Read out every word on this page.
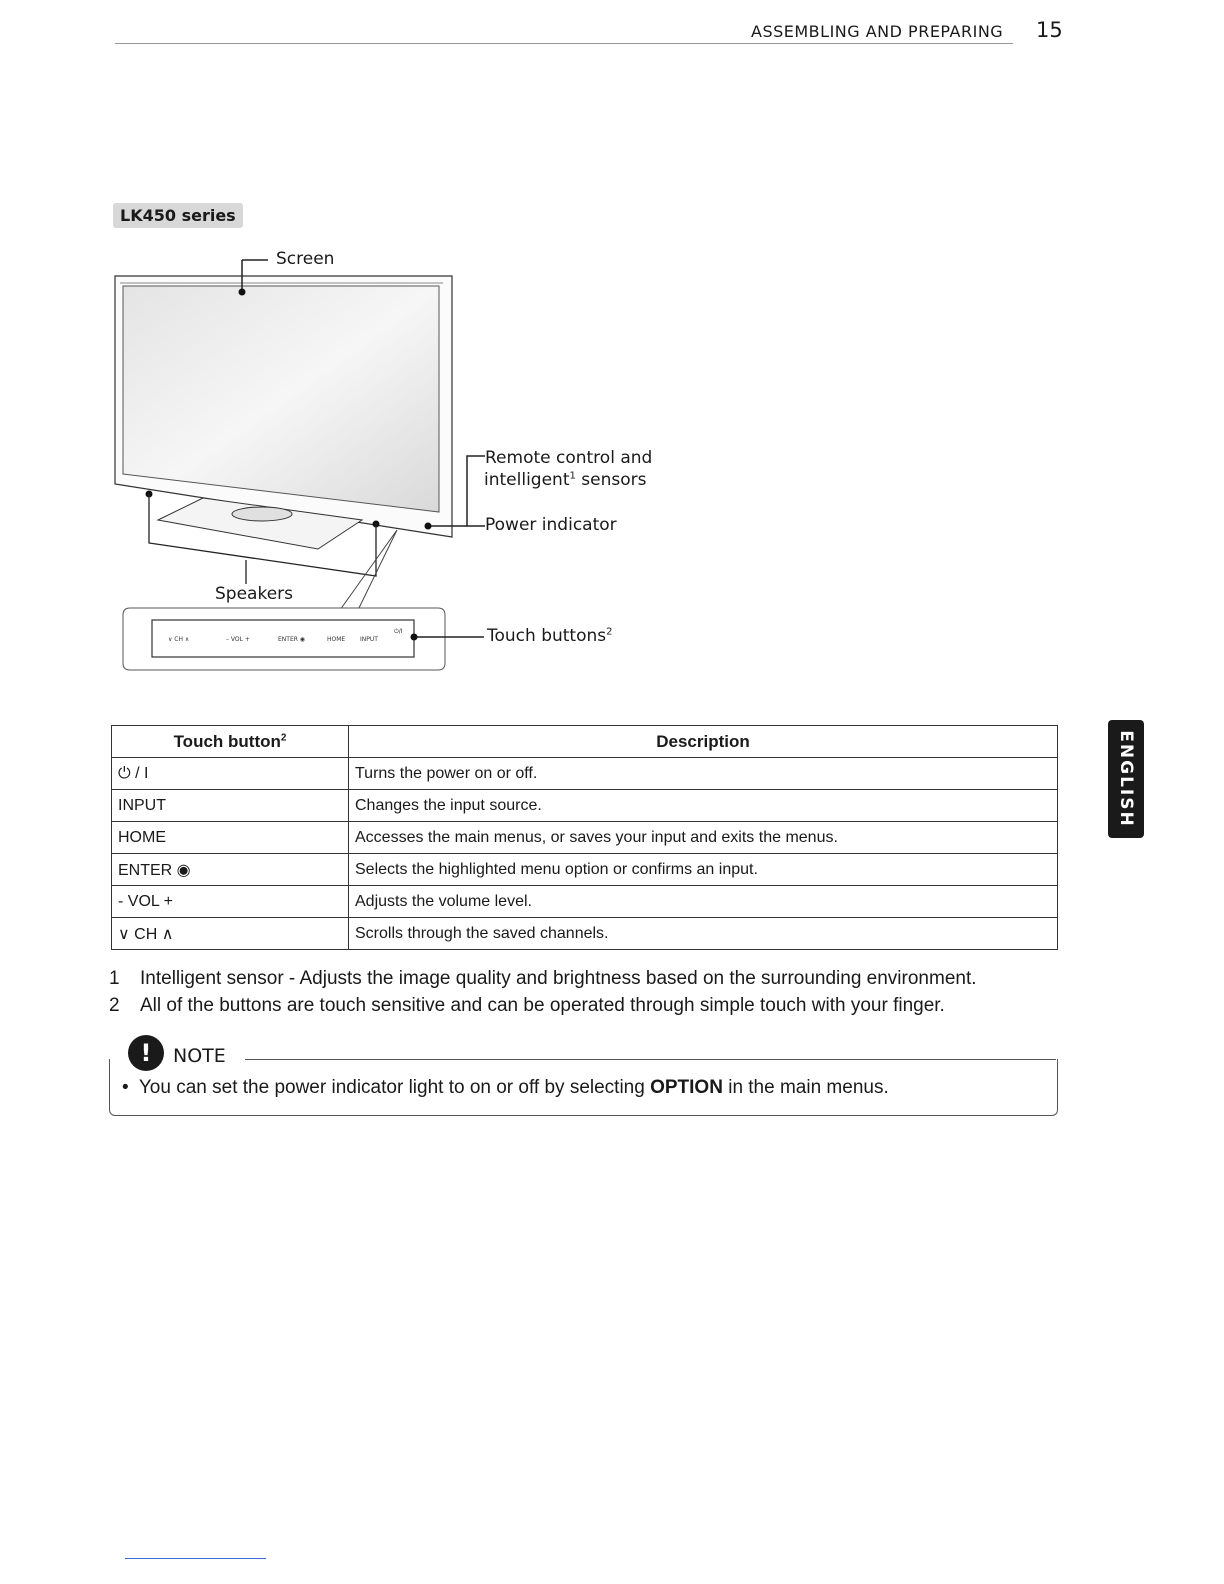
ASSEMBLING AND PREPARING 15
LK450 series
∨ CH ∧	– VOL +	ENTER ◉	HOME INPUT
⏻/I
Screen
Remote control and
intelligent$^1$ sensors
Power indicator
Speakers
Touch buttons$^2$
Touch button$^2$	Description
⏻ / I	Turns the power on or off.
INPUT	Changes the input source.
HOME	Accesses the main menus, or saves your input and exits the menus.
ENTER ◉	Selects the highlighted menu option or confirms an input.
- VOL +	Adjusts the volume level.
∨ CH ∧	Scrolls through the saved channels.
1 Intelligent sensor - Adjusts the image quality and brightness based on the surrounding environment.
2 All of the buttons are touch sensitive and can be operated through simple touch with your finger.
!	NOTE
• You can set the power indicator light to on or off by selecting OPTION in the main menus.
ENGLISH
